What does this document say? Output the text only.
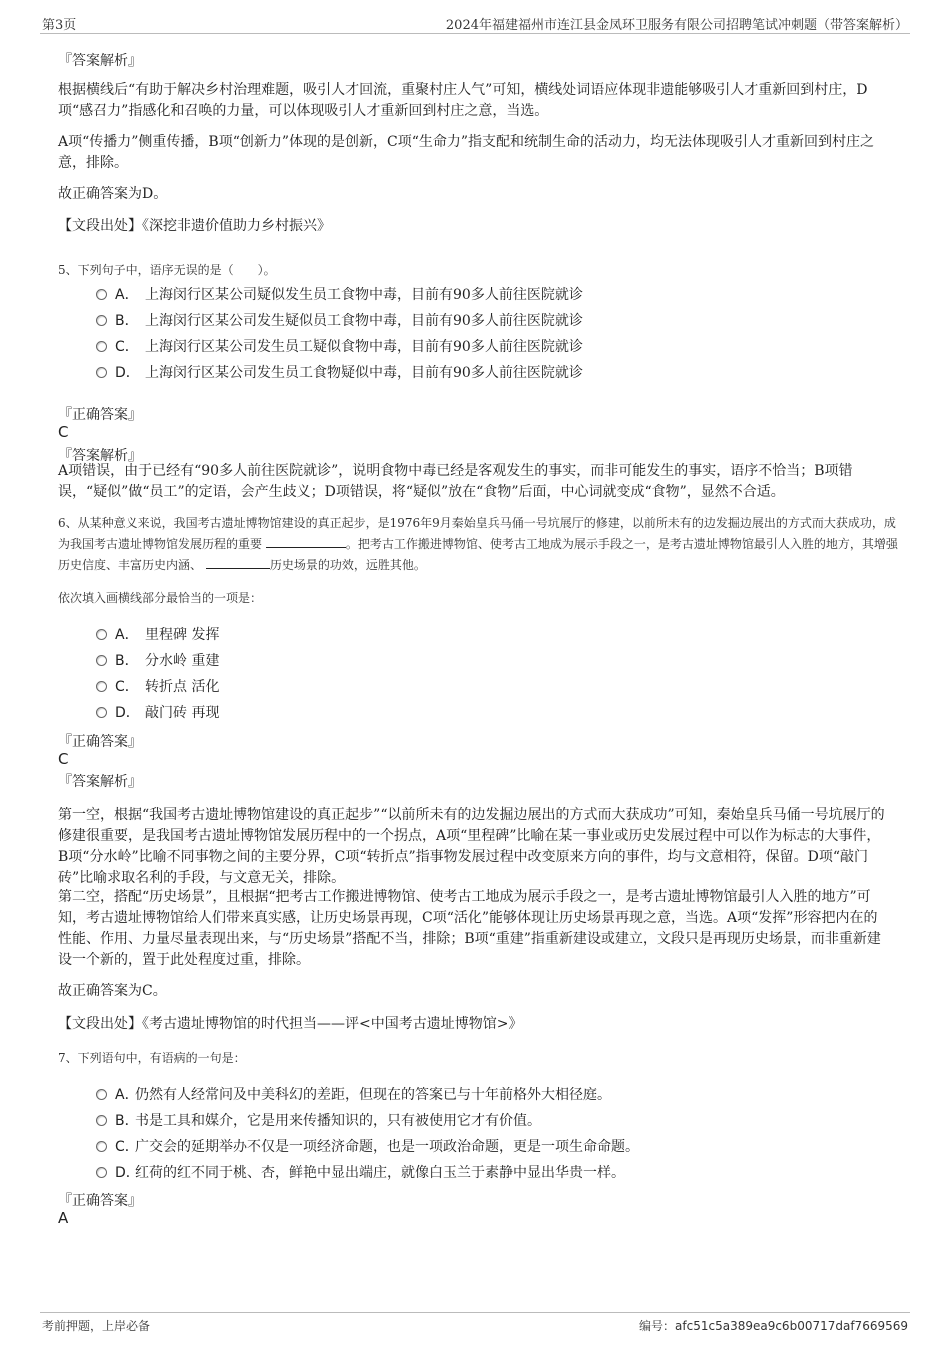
第3页	2024年福建福州市连江县金凤环卫服务有限公司招聘笔试冲刺题（带答案解析）
『答案解析』
根据横线后“有助于解决乡村治理难题，吸引人才回流，重聚村庄人气”可知，横线处词语应体现非遗能够吸引人才重新回到村庄，D项“感召力”指感化和召唤的力量，可以体现吸引人才重新回到村庄之意，当选。
A项“传播力”侧重传播，B项“创新力”体现的是创新，C项“生命力”指支配和统制生命的活动力，均无法体现吸引人才重新回到村庄之意，排除。
故正确答案为D。
【文段出处】《深挖非遗价值助力乡村振兴》
5、下列句子中，语序无误的是（　　）。
A． 上海闵行区某公司疑似发生员工食物中毒，目前有90多人前往医院就诊
B． 上海闵行区某公司发生疑似员工食物中毒，目前有90多人前往医院就诊
C． 上海闵行区某公司发生员工疑似食物中毒，目前有90多人前往医院就诊
D． 上海闵行区某公司发生员工食物疑似中毒，目前有90多人前往医院就诊
『正确答案』
C
『答案解析』
A项错误，由于已经有“90多人前往医院就诊”，说明食物中毒已经是客观发生的事实，而非可能发生的事实，语序不恰当；B项错误，“疑似”做“员工”的定语，会产生歧义；D项错误，将“疑似”放在“食物”后面，中心词就变成“食物”，显然不合适。
6、从某种意义来说，我国考古遗址博物馆建设的真正起步，是1976年9月秦始皇兵马俑一号坑展厅的修建，以前所未有的边发掘边展出的方式而大获成功，成为我国考古遗址博物馆发展历程的重要	。把考古工作搬进博物馆、使考古工地成为展示手段之一，是考古遗址博物馆最引人入胜的地方，其增强历史信度、丰富历史内涵、	历史场景的功效，远胜其他。
依次填入画横线部分最恰当的一项是：
A． 里程碑 发挥
B． 分水岭 重建
C． 转折点 活化
D． 敲门砖 再现
『正确答案』
C
『答案解析』
第一空，根据“我国考古遗址博物馆建设的真正起步”“以前所未有的边发掘边展出的方式而大获成功”可知，秦始皇兵马俑一号坑展厅的修建很重要，是我国考古遗址博物馆发展历程中的一个拐点，A项“里程碑”比喻在某一事业或历史发展过程中可以作为标志的大事件，B项“分水岭”比喻不同事物之间的主要分界，C项“转折点”指事物发展过程中改变原来方向的事件，均与文意相符，保留。D项“敲门砖”比喻求取名利的手段，与文意无关，排除。
第二空，搭配“历史场景”，且根据“把考古工作搬进博物馆、使考古工地成为展示手段之一，是考古遗址博物馆最引人入胜的地方”可知，考古遗址博物馆给人们带来真实感，让历史场景再现，C项“活化”能够体现让历史场景再现之意，当选。A项“发挥”形容把内在的性能、作用、力量尽量表现出来，与“历史场景”搭配不当，排除；B项“重建”指重新建设或建立，文段只是再现历史场景，而非重新建设一个新的，置于此处程度过重，排除。
故正确答案为C。
【文段出处】《考古遗址博物馆的时代担当——评<中国考古遗址博物馆>》
7、下列语句中，有语病的一句是：
A．
仍然有人经常问及中美科幻的差距，但现在的答案已与十年前格外大相径庭。
B．
书是工具和媒介，它是用来传播知识的，只有被使用它才有价值。
C．
广交会的延期举办不仅是一项经济命题，也是一项政治命题，更是一项生命命题。
D．
红荷的红不同于桃、杏，鲜艳中显出端庄，就像白玉兰于素静中显出华贵一样。
『正确答案』
A
考前押题，上岸必备	编号：afc51c5a389ea9c6b00717daf7669569
